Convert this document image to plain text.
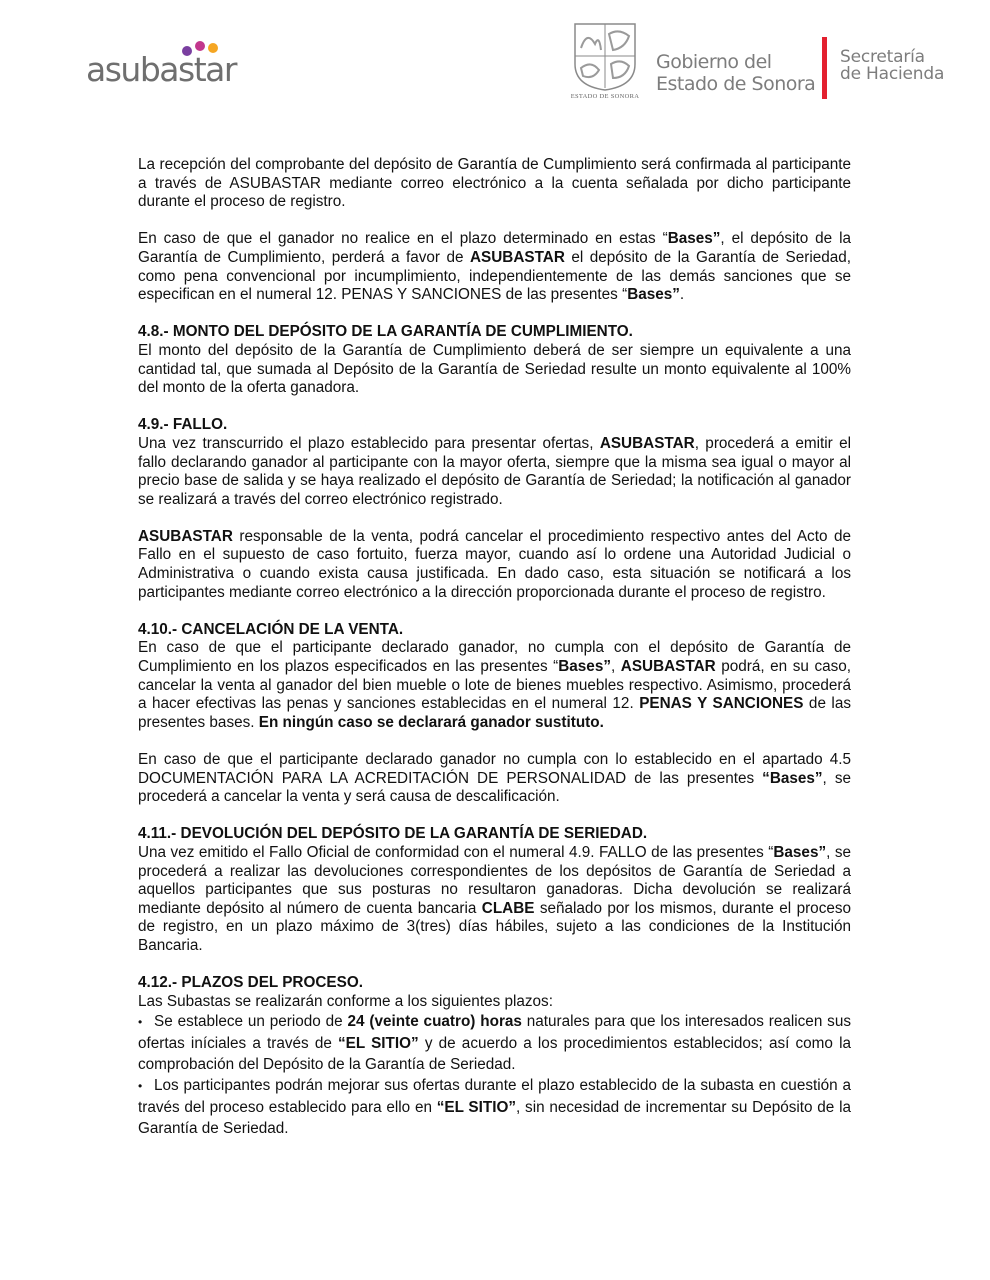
asubastar
ESTADO DE SONORA
Gobierno del
Estado de Sonora
Secretaría
de Hacienda

La recepción del comprobante del depósito de Garantía de Cumplimiento será confirmada al participante a través de ASUBASTAR mediante correo electrónico a la cuenta señalada por dicho participante durante el proceso de registro.

En caso de que el ganador no realice en el plazo determinado en estas “Bases”, el depósito de la Garantía de Cumplimiento, perderá a favor de ASUBASTAR el depósito de la Garantía de Seriedad, como pena convencional por incumplimiento, independientemente de las demás sanciones que se especifican en el numeral 12. PENAS Y SANCIONES de las presentes “Bases”.

4.8.- MONTO DEL DEPÓSITO DE LA GARANTÍA DE CUMPLIMIENTO.

El monto del depósito de la Garantía de Cumplimiento deberá de ser siempre un equivalente a una cantidad tal, que sumada al Depósito de la Garantía de Seriedad resulte un monto equivalente al 100% del monto de la oferta ganadora.

4.9.- FALLO.

Una vez transcurrido el plazo establecido para presentar ofertas, ASUBASTAR, procederá a emitir el fallo declarando ganador al participante con la mayor oferta, siempre que la misma sea igual o mayor al precio base de salida y se haya realizado el depósito de Garantía de Seriedad; la notificación al ganador se realizará a través del correo electrónico registrado.

ASUBASTAR responsable de la venta, podrá cancelar el procedimiento respectivo antes del Acto de Fallo en el supuesto de caso fortuito, fuerza mayor, cuando así lo ordene una Autoridad Judicial o Administrativa o cuando exista causa justificada. En dado caso, esta situación se notificará a los participantes mediante correo electrónico a la dirección proporcionada durante el proceso de registro.

4.10.- CANCELACIÓN DE LA VENTA.

En caso de que el participante declarado ganador, no cumpla con el depósito de Garantía de Cumplimiento en los plazos especificados en las presentes “Bases”, ASUBASTAR podrá, en su caso, cancelar la venta al ganador del bien mueble o lote de bienes muebles respectivo. Asimismo, procederá a hacer efectivas las penas y sanciones establecidas en el numeral 12. PENAS Y SANCIONES de las presentes bases. En ningún caso se declarará ganador sustituto.

En caso de que el participante declarado ganador no cumpla con lo establecido en el apartado 4.5 DOCUMENTACIÓN PARA LA ACREDITACIÓN DE PERSONALIDAD de las presentes “Bases”, se procederá a cancelar la venta y será causa de descalificación.

4.11.- DEVOLUCIÓN DEL DEPÓSITO DE LA GARANTÍA DE SERIEDAD.

Una vez emitido el Fallo Oficial de conformidad con el numeral 4.9. FALLO de las presentes “Bases”, se procederá a realizar las devoluciones correspondientes de los depósitos de Garantía de Seriedad a aquellos participantes que sus posturas no resultaron ganadoras. Dicha devolución se realizará mediante depósito al número de cuenta bancaria CLABE señalado por los mismos, durante el proceso de registro, en un plazo máximo de 3(tres) días hábiles, sujeto a las condiciones de la Institución Bancaria.

4.12.- PLAZOS DEL PROCESO.

Las Subastas se realizarán conforme a los siguientes plazos:

• Se establece un periodo de 24 (veinte cuatro) horas naturales para que los interesados realicen sus ofertas iníciales a través de “EL SITIO” y de acuerdo a los procedimientos establecidos; así como la comprobación del Depósito de la Garantía de Seriedad.

• Los participantes podrán mejorar sus ofertas durante el plazo establecido de la subasta en cuestión a través del proceso establecido para ello en “EL SITIO”, sin necesidad de incrementar su Depósito de la Garantía de Seriedad.
